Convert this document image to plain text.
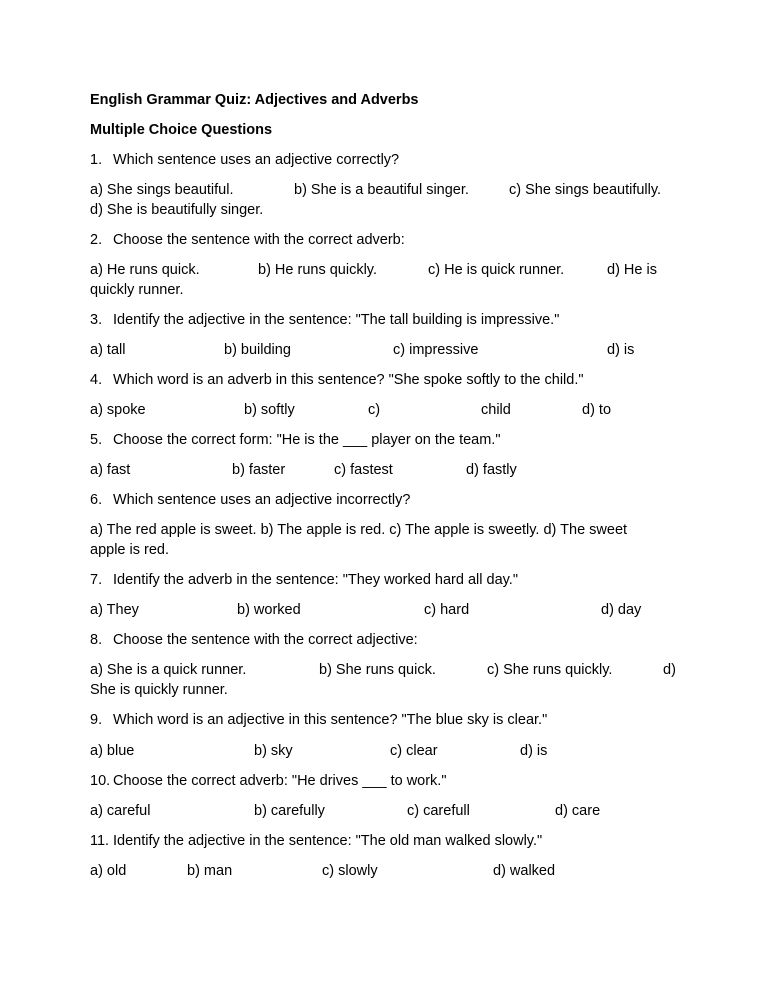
English Grammar Quiz: Adjectives and Adverbs
Multiple Choice Questions
1. Which sentence uses an adjective correctly?
a) She sings beautiful.	b) She is a beautiful singer.	c) She sings beautifully.
d) She is beautifully singer.
2. Choose the sentence with the correct adverb:
a) He runs quick.	b) He runs quickly.	c) He is quick runner.	d) He is
quickly runner.
3. Identify the adjective in the sentence: "The tall building is impressive."
a) tall	b) building	c) impressive	d) is
4. Which word is an adverb in this sentence? "She spoke softly to the child."
a) spoke	b) softly	c)	child	d) to
5. Choose the correct form: "He is the ___ player on the team."
a) fast	b) faster	c) fastest	d) fastly
6. Which sentence uses an adjective incorrectly?
a) The red apple is sweet. b) The apple is red. c) The apple is sweetly. d) The sweet
apple is red.
7. Identify the adverb in the sentence: "They worked hard all day."
a) They	b) worked	c) hard	d) day
8. Choose the sentence with the correct adjective:
a) She is a quick runner.	b) She runs quick.	c) She runs quickly.	d)
She is quickly runner.
9. Which word is an adjective in this sentence? "The blue sky is clear."
a) blue	b) sky	c) clear	d) is
10. Choose the correct adverb: "He drives ___ to work."
a) careful	b) carefully	c) carefull	d) care
11. Identify the adjective in the sentence: "The old man walked slowly."
a) old	b) man	c) slowly	d) walked
